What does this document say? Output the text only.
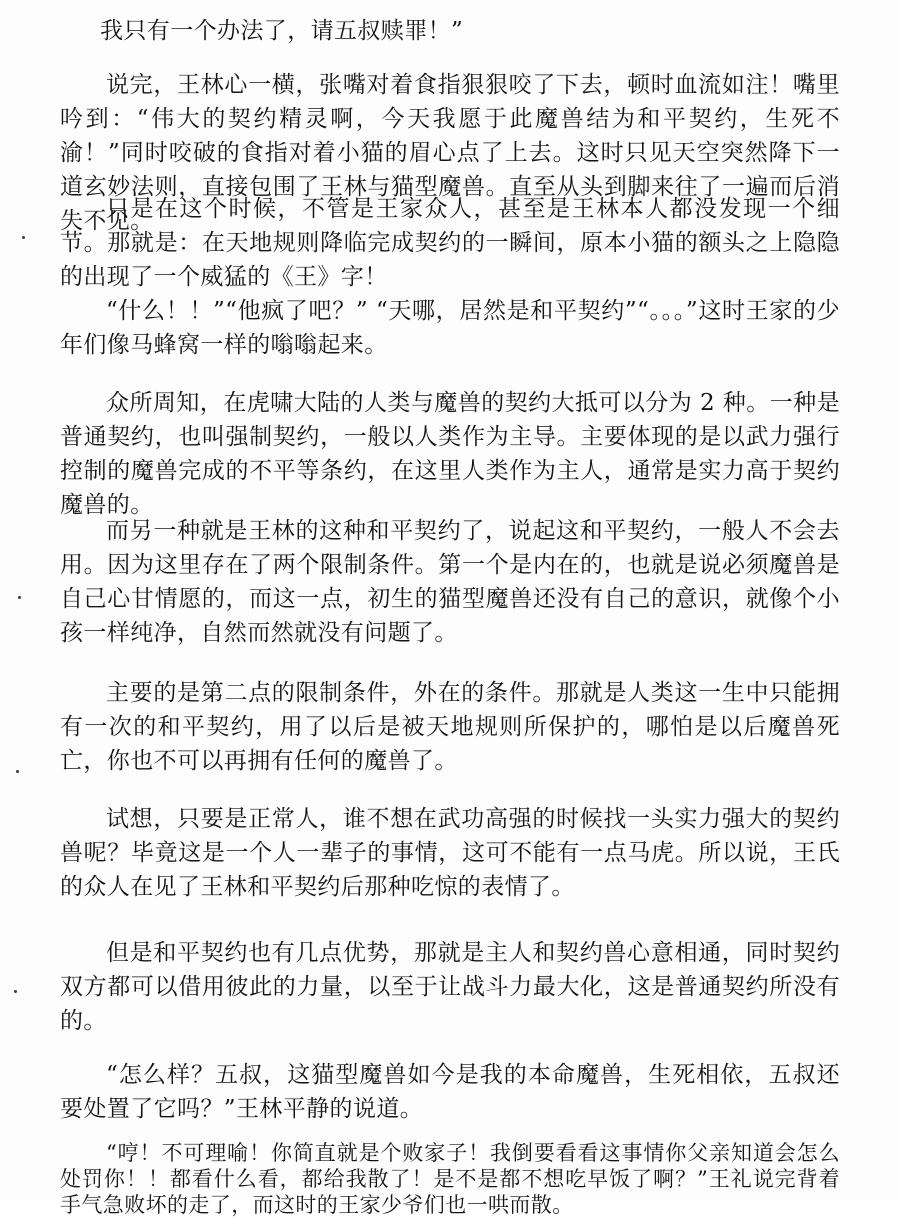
我只有一个办法了，请五叔赎罪！”

说完，王林心一横，张嘴对着食指狠狠咬了下去，顿时血流如注！嘴里吟到：“伟大的契约精灵啊，今天我愿于此魔兽结为和平契约，生死不渝！”同时咬破的食指对着小猫的眉心点了上去。这时只见天空突然降下一道玄妙法则，直接包围了王林与猫型魔兽。直至从头到脚来往了一遍而后消失不见。

只是在这个时候，不管是王家众人，甚至是王林本人都没发现一个细节。那就是：在天地规则降临完成契约的一瞬间，原本小猫的额头之上隐隐的出现了一个威猛的《王》字！

“什么！！”“他疯了吧？” “天哪，居然是和平契约”“。。。”这时王家的少年们像马蜂窝一样的嗡嗡起来。

众所周知，在虎啸大陆的人类与魔兽的契约大抵可以分为 2 种。一种是普通契约，也叫强制契约，一般以人类作为主导。主要体现的是以武力强行控制的魔兽完成的不平等条约，在这里人类作为主人，通常是实力高于契约魔兽的。

而另一种就是王林的这种和平契约了，说起这和平契约，一般人不会去用。因为这里存在了两个限制条件。第一个是内在的，也就是说必须魔兽是自己心甘情愿的，而这一点，初生的猫型魔兽还没有自己的意识，就像个小孩一样纯净，自然而然就没有问题了。

主要的是第二点的限制条件，外在的条件。那就是人类这一生中只能拥有一次的和平契约，用了以后是被天地规则所保护的，哪怕是以后魔兽死亡，你也不可以再拥有任何的魔兽了。

试想，只要是正常人，谁不想在武功高强的时候找一头实力强大的契约兽呢？毕竟这是一个人一辈子的事情，这可不能有一点马虎。所以说，王氏的众人在见了王林和平契约后那种吃惊的表情了。

但是和平契约也有几点优势，那就是主人和契约兽心意相通，同时契约双方都可以借用彼此的力量，以至于让战斗力最大化，这是普通契约所没有的。

“怎么样？五叔，这猫型魔兽如今是我的本命魔兽，生死相依，五叔还要处置了它吗？”王林平静的说道。

“哼！不可理喻！你简直就是个败家子！我倒要看看这事情你父亲知道会怎么处罚你！！都看什么看，都给我散了！是不是都不想吃早饭了啊？”王礼说完背着手气急败坏的走了，而这时的王家少爷们也一哄而散。
